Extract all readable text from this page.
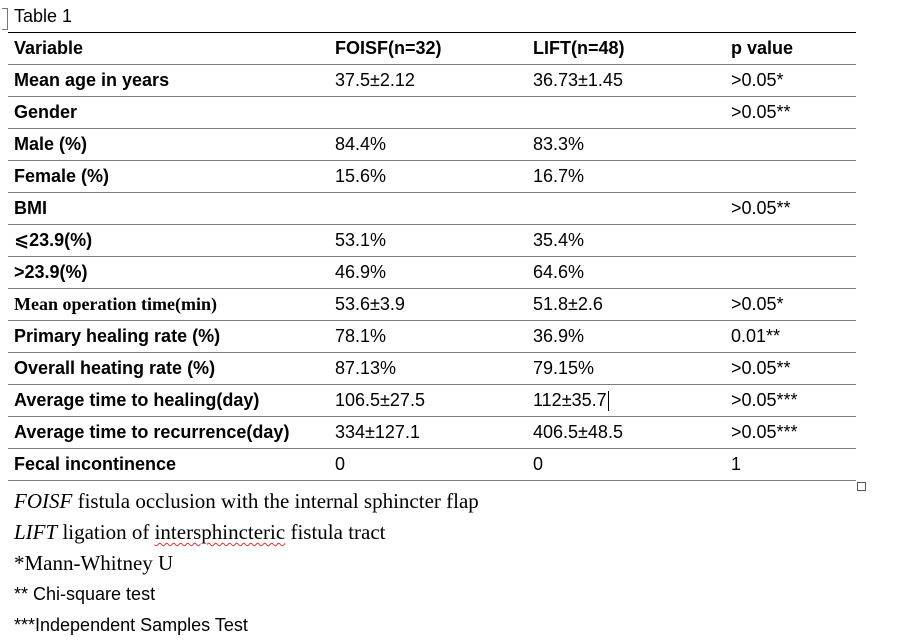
Table 1
Variable	FOISF(n=32)	LIFT(n=48)	p value
Mean age in years	37.5±2.12	36.73±1.45	>0.05*
Gender			>0.05**
Male (%)	84.4%	83.3%	
Female (%)	15.6%	16.7%	
BMI			>0.05**
⩽23.9(%)	53.1%	35.4%	
>23.9(%)	46.9%	64.6%	
Mean operation time(min)	53.6±3.9	51.8±2.6	>0.05*
Primary healing rate (%)	78.1%	36.9%	0.01**
Overall heating rate (%)	87.13%	79.15%	>0.05**
Average time to healing(day)	106.5±27.5	112±35.7	>0.05***
Average time to recurrence(day)	334±127.1	406.5±48.5	>0.05***
Fecal incontinence	0	0	1
FOISF fistula occlusion with the internal sphincter flap
LIFT ligation of intersphincteric fistula tract
*Mann-Whitney U
** Chi-square test
***Independent Samples Test
